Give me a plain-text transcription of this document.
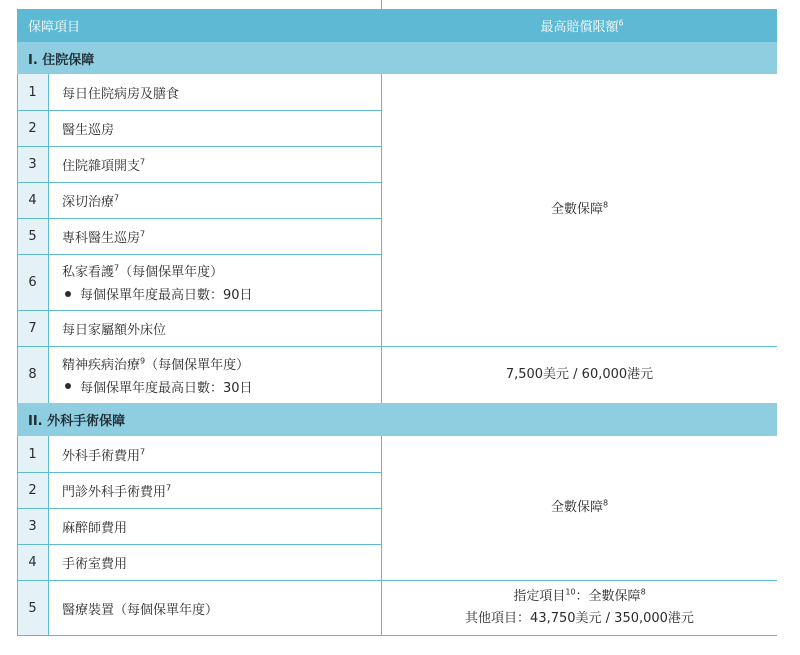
保障項目	最高賠償限額$^6$
I. 住院保障
1
2
3
4
5
6
7
8
每日住院病房及膳食
醫生巡房
住院雜項開支$^7$
深切治療$^7$
專科醫生巡房$^7$
私家看護$^7$（每個保單年度）
每個保單年度最高日數：90日
每日家屬額外床位
精神疾病治療$^9$（每個保單年度）
每個保單年度最高日數：30日
全數保障$^8$
7,500美元 / 60,000港元
II. 外科手術保障
1
2
3
4
5
外科手術費用$^7$
門診外科手術費用$^7$
麻醉師費用
手術室費用
醫療裝置（每個保單年度）
全數保障$^8$
指定項目$^{10}$：全數保障$^8$
其他項目：43,750美元 / 350,000港元
